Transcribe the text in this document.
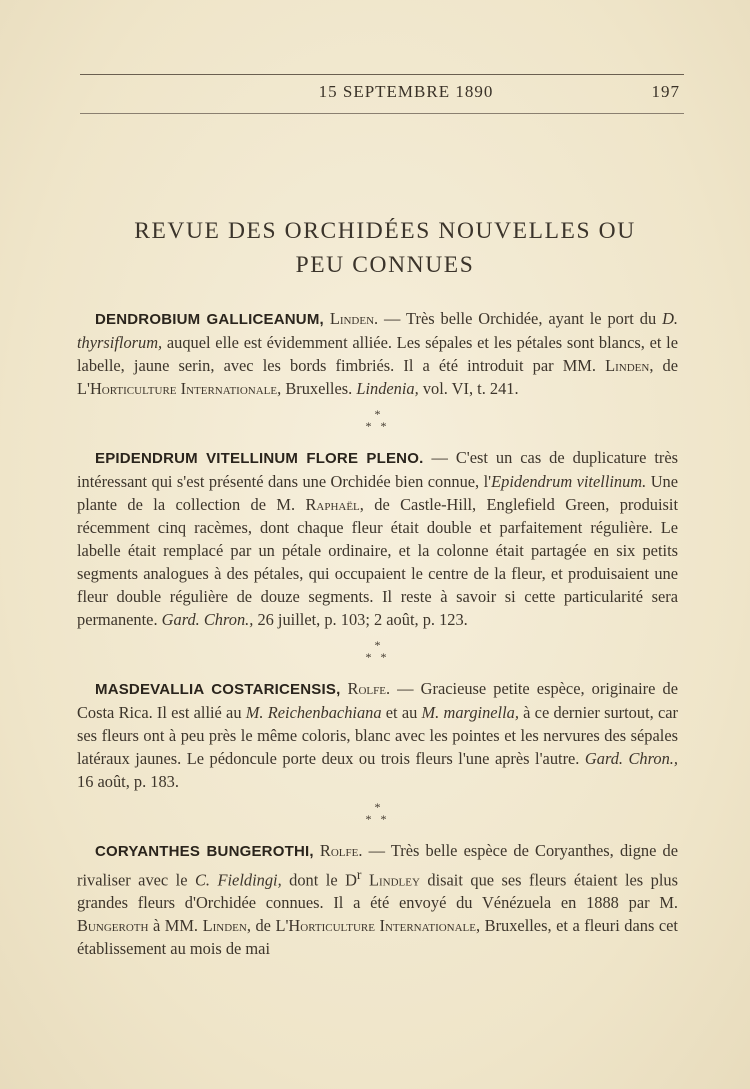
15 SEPTEMBRE 1890	197
REVUE DES ORCHIDÉES NOUVELLES OU
PEU CONNUES

DENDROBIUM GALLICEANUM, Linden. — Très belle Orchidée, ayant le port du D. thyrsiflorum, auquel elle est évidemment alliée. Les sépales et les pétales sont blancs, et le labelle, jaune serin, avec les bords fimbriés. Il a été introduit par MM. Linden, de L'Horticulture Internationale, Bruxelles. Lindenia, vol. VI, t. 241.

*
* *

EPIDENDRUM VITELLINUM FLORE PLENO. — C'est un cas de duplicature très intéressant qui s'est présenté dans une Orchidée bien connue, l'Epidendrum vitellinum. Une plante de la collection de M. Raphaël, de Castle-Hill, Englefield Green, produisit récemment cinq racèmes, dont chaque fleur était double et parfaitement régulière. Le labelle était remplacé par un pétale ordinaire, et la colonne était partagée en six petits segments analogues à des pétales, qui occupaient le centre de la fleur, et produisaient une fleur double régulière de douze segments. Il reste à savoir si cette particularité sera permanente. Gard. Chron., 26 juillet, p. 103; 2 août, p. 123.

*
* *

MASDEVALLIA COSTARICENSIS, Rolfe. — Gracieuse petite espèce, originaire de Costa Rica. Il est allié au M. Reichenbachiana et au M. marginella, à ce dernier surtout, car ses fleurs ont à peu près le même coloris, blanc avec les pointes et les nervures des sépales latéraux jaunes. Le pédoncule porte deux ou trois fleurs l'une après l'autre. Gard. Chron., 16 août, p. 183.

*
* *

CORYANTHES BUNGEROTHI, Rolfe. — Très belle espèce de Coryanthes, digne de rivaliser avec le C. Fieldingi, dont le $D^r$ Lindley disait que ses fleurs étaient les plus grandes fleurs d'Orchidée connues. Il a été envoyé du Vénézuela en 1888 par M. Bungeroth à MM. Linden, de L'Horticulture Internationale, Bruxelles, et a fleuri dans cet établissement au mois de mai
